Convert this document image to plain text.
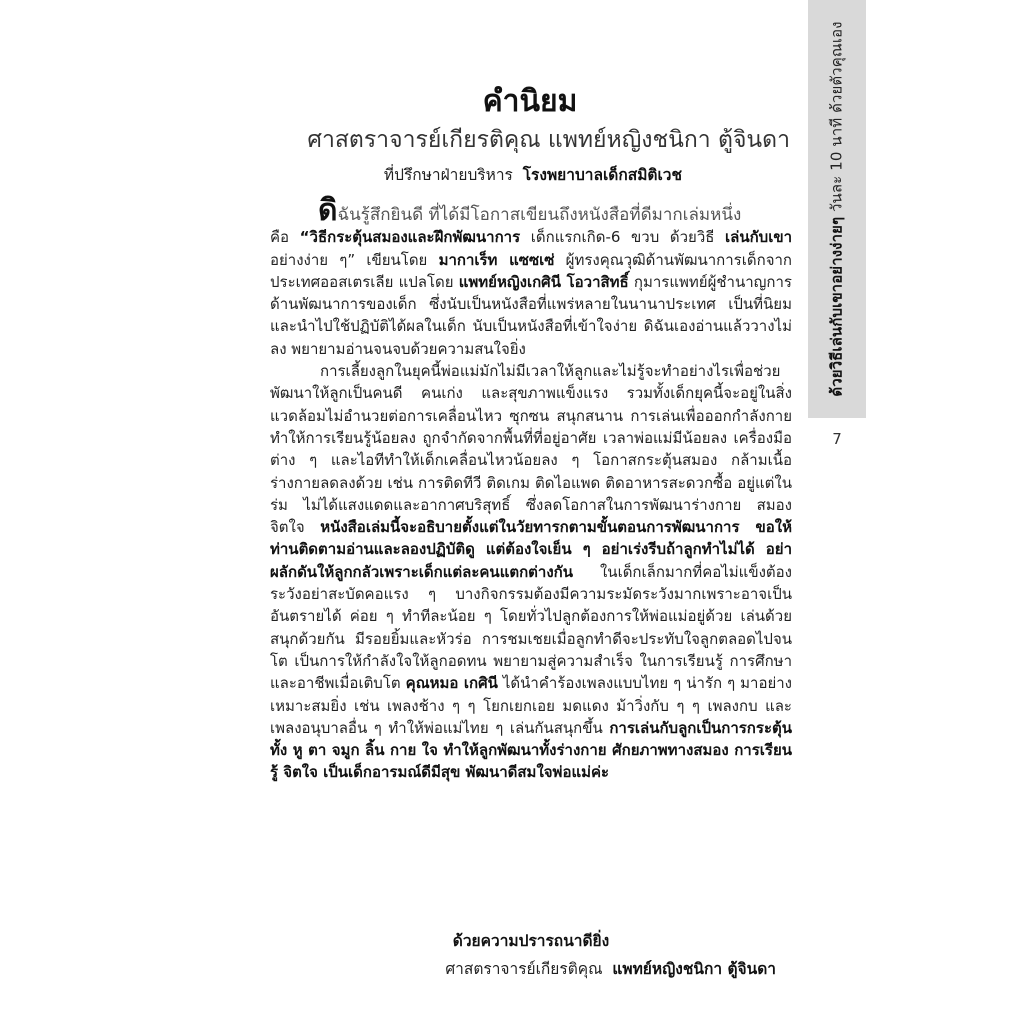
ด้วยวิธีเล่นกับเขาอย่างง่ายๆ วันละ 10 นาที ด้วยตัวคุณเอง
7
คำนิยม
ศาสตราจารย์เกียรติคุณ แพทย์หญิงชนิกา ตู้จินดา
ที่ปรึกษาฝ่ายบริหาร โรงพยาบาลเด็กสมิติเวช

ดิฉันรู้สึกยินดี ที่ได้มีโอกาสเขียนถึงหนังสือที่ดีมากเล่มหนึ่ง

คือ “วิธีกระตุ้นสมองและฝึกพัฒนาการ เด็กแรกเกิด-6 ขวบ ด้วยวิธี เล่นกับเขา อย่างง่าย ๆ” เขียนโดย มากาเร็ท แซซเซ่ ผู้ทรงคุณวุฒิด้านพัฒนาการเด็กจากประเทศออสเตรเลีย แปลโดย แพทย์หญิงเกศินี โอวาสิทธิ์ กุมารแพทย์ผู้ชำนาญการด้านพัฒนาการของเด็ก ซึ่งนับเป็นหนังสือที่แพร่หลายในนานาประเทศ เป็นที่นิยมและนำไปใช้ปฏิบัติได้ผลในเด็ก นับเป็นหนังสือที่เข้าใจง่าย ดิฉันเองอ่านแล้ววางไม่ลง พยายามอ่านจนจบด้วยความสนใจยิ่ง

การเลี้ยงลูกในยุคนี้พ่อแม่มักไม่มีเวลาให้ลูกและไม่รู้จะทำอย่างไรเพื่อช่วยพัฒนาให้ลูกเป็นคนดี คนเก่ง และสุขภาพแข็งแรง รวมทั้งเด็กยุคนี้จะอยู่ในสิ่งแวดล้อมไม่อำนวยต่อการเคลื่อนไหว ซุกซน สนุกสนาน การเล่นเพื่อออกกำลังกาย ทำให้การเรียนรู้น้อยลง ถูกจำกัดจากพื้นที่ที่อยู่อาศัย เวลาพ่อแม่มีน้อยลง เครื่องมือต่าง ๆ และไอทีทำให้เด็กเคลื่อนไหวน้อยลง ๆ โอกาสกระตุ้นสมอง กล้ามเนื้อ ร่างกายลดลงด้วย เช่น การติดทีวี ติดเกม ติดไอแพด ติดอาหารสะดวกซื้อ อยู่แต่ในร่ม ไม่ได้แสงแดดและอากาศบริสุทธิ์ ซึ่งลดโอกาสในการพัฒนาร่างกาย สมอง จิตใจ หนังสือเล่มนี้จะอธิบายตั้งแต่ในวัยทารกตามขั้นตอนการพัฒนาการ ขอให้ท่านติดตามอ่านและลองปฏิบัติดู แต่ต้องใจเย็น ๆ อย่าเร่งรีบถ้าลูกทำไม่ได้ อย่าผลักดันให้ลูกกลัวเพราะเด็กแต่ละคนแตกต่างกัน ในเด็กเล็กมากที่คอไม่แข็งต้องระวังอย่าสะบัดคอแรง ๆ บางกิจกรรมต้องมีความระมัดระวังมากเพราะอาจเป็นอันตรายได้ ค่อย ๆ ทำทีละน้อย ๆ โดยทั่วไปลูกต้องการให้พ่อแม่อยู่ด้วย เล่นด้วย สนุกด้วยกัน มีรอยยิ้มและหัวร่อ การชมเชยเมื่อลูกทำดีจะประทับใจลูกตลอดไปจนโต เป็นการให้กำลังใจให้ลูกอดทน พยายามสู่ความสำเร็จ ในการเรียนรู้ การศึกษา และอาชีพเมื่อเติบโต คุณหมอ เกศินี ได้นำคำร้องเพลงแบบไทย ๆ น่ารัก ๆ มาอย่างเหมาะสมยิ่ง เช่น เพลงช้าง ๆ ๆ โยกเยกเอย มดแดง ม้าวิ่งกับ ๆ ๆ เพลงกบ และเพลงอนุบาลอื่น ๆ ทำให้พ่อแม่ไทย ๆ เล่นกันสนุกขึ้น การเล่นกับลูกเป็นการกระตุ้นทั้ง หู ตา จมูก ลิ้น กาย ใจ ทำให้ลูกพัฒนาทั้งร่างกาย ศักยภาพทางสมอง การเรียนรู้ จิตใจ เป็นเด็กอารมณ์ดีมีสุข พัฒนาดีสมใจพ่อแม่ค่ะ

ด้วยความปรารถนาดียิ่ง
ศาสตราจารย์เกียรติคุณ แพทย์หญิงชนิกา ตู้จินดา
